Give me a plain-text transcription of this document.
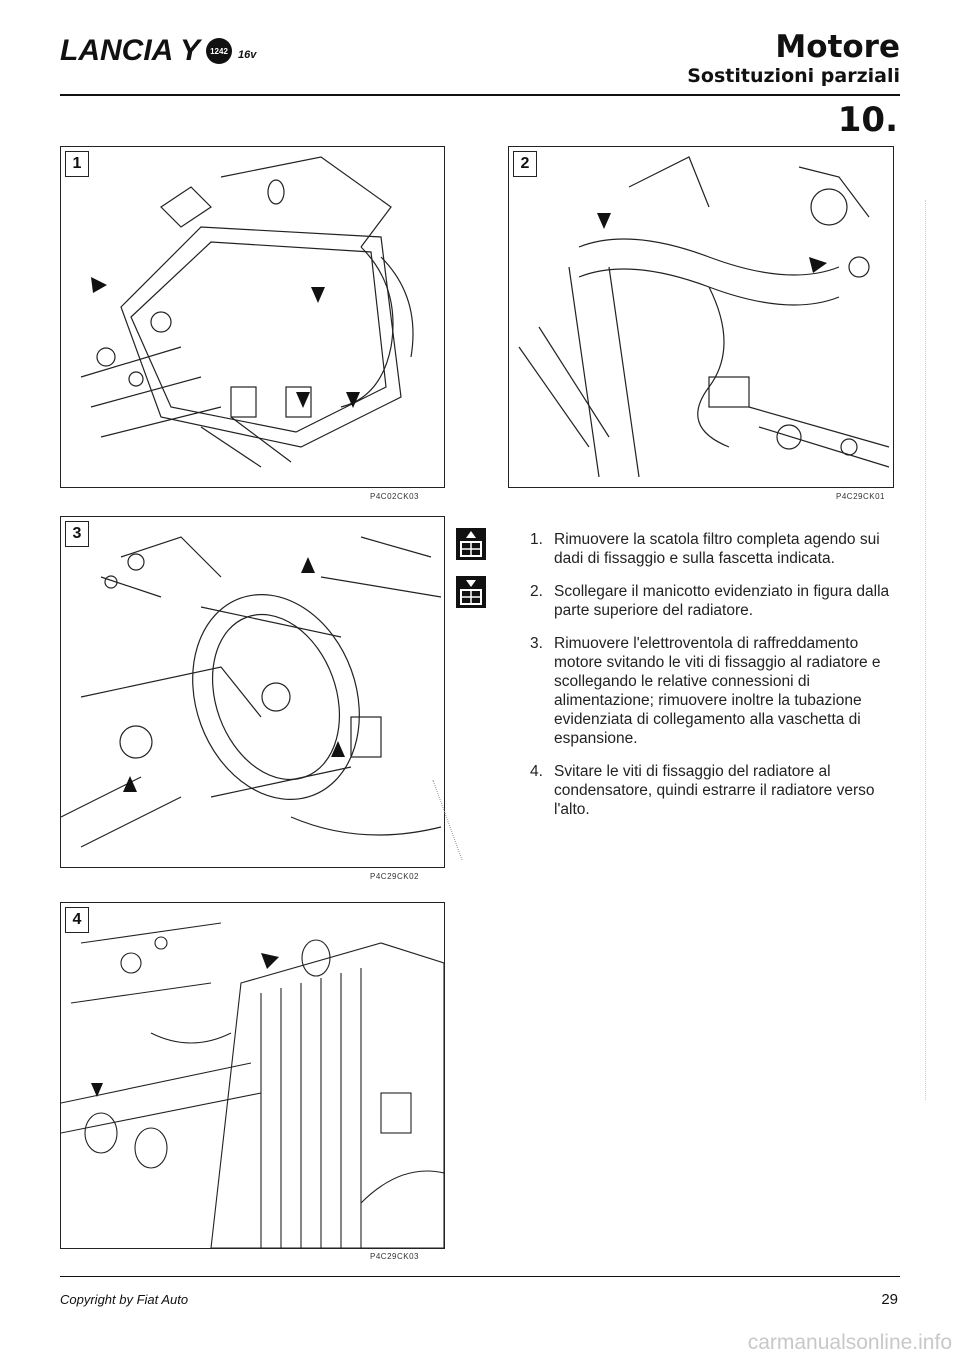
LANCIA Y	1242 16v	Motore
Sostituzioni parziali
10.
1
P4C02CK03
2
P4C29CK01
3
P4C29CK02
4
P4C29CK03
1. Rimuovere la scatola filtro completa agendo sui dadi di fissaggio e sulla fascetta indicata.
2. Scollegare il manicotto evidenziato in figura dalla parte superiore del radiatore.
3. Rimuovere l'elettroventola di raffreddamento motore svitando le viti di fissaggio al radiatore e scollegando le relative connessioni di alimentazione; rimuovere inoltre la tubazione evidenziata di collegamento alla vaschetta di espansione.
4. Svitare le viti di fissaggio del radiatore al condensatore, quindi estrarre il radiatore verso l'alto.
Copyright by Fiat Auto	29
carmanualsonline.info
